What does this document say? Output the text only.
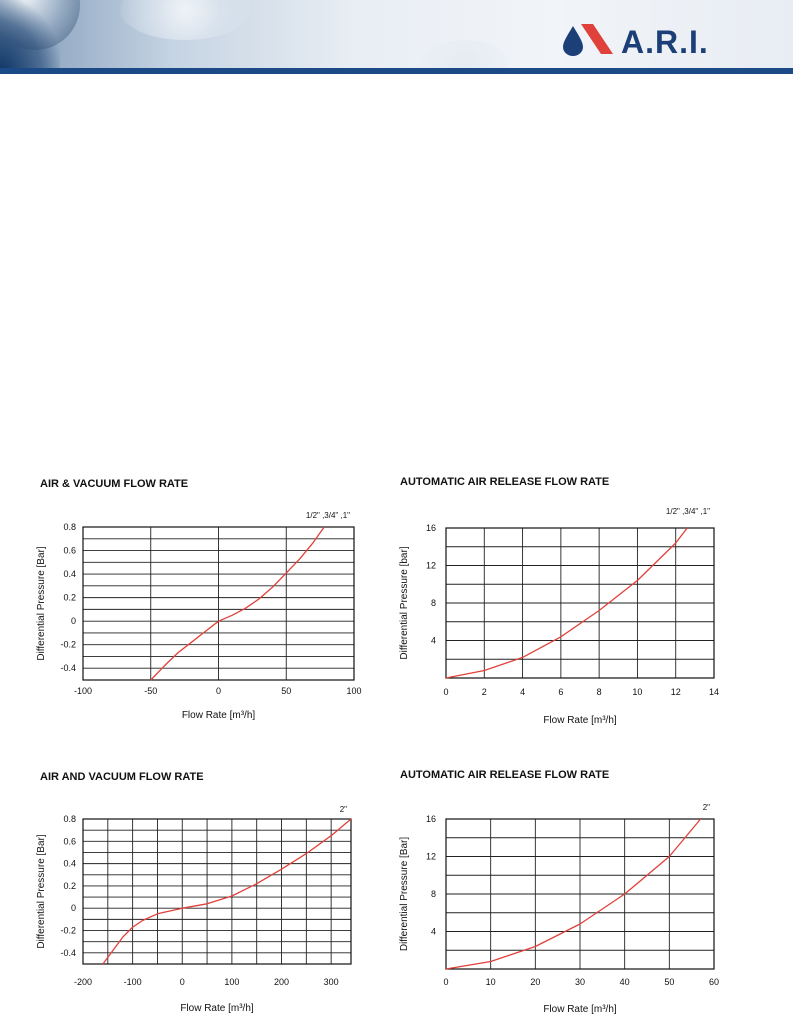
A.R.I.
AIR & VACUUM FLOW RATE
-0.4
-0.2
0
0.2
0.4
0.6
0.8
-100	-50	0	50	100
Flow Rate [m³/h]
Differential Pressure [Bar]
1/2" ,3/4" ,1"
AUTOMATIC AIR RELEASE FLOW RATE
4
8
12
16
0	2	4	6	8	10	12	14
Flow Rate [m³/h]
Differential Pressure [bar]
1/2" ,3/4" ,1"
AIR AND VACUUM FLOW RATE
-0.4
-0.2
0
0.2
0.4
0.6
0.8
-200	-100	0	100	200	300
Flow Rate [m³/h]
Differential Pressure [Bar]
2"
AUTOMATIC AIR RELEASE FLOW RATE
4
8
12
16
0	10	20	30	40	50	60
Flow Rate [m³/h]
Differential Pressure [Bar]
2"
